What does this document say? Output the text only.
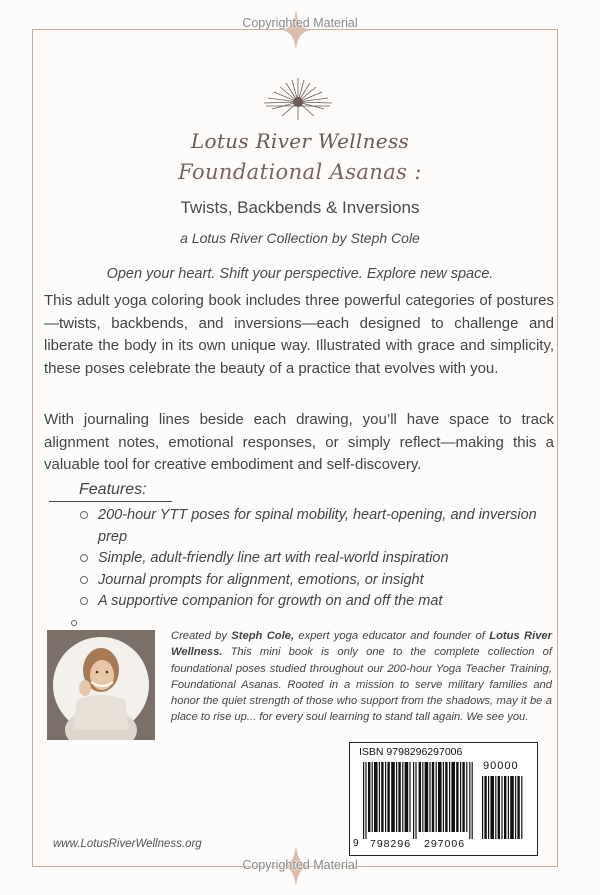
Copyrighted Material
Lotus River Wellness
Foundational Asanas :
Twists, Backbends & Inversions
a Lotus River Collection by Steph Cole
Open your heart. Shift your perspective. Explore new space.
This adult yoga coloring book includes three powerful categories of postures—twists, backbends, and inversions—each designed to challenge and liberate the body in its own unique way. Illustrated with grace and simplicity, these poses celebrate the beauty of a practice that evolves with you.
With journaling lines beside each drawing, you’ll have space to track alignment notes, emotional responses, or simply reflect—making this a valuable tool for creative embodiment and self-discovery.
Features:
200-hour YTT poses for spinal mobility, heart-opening, and inversion prep
Simple, adult-friendly line art with real-world inspiration
Journal prompts for alignment, emotions, or insight
A supportive companion for growth on and off the mat
Created by Steph Cole, expert yoga educator and founder of Lotus River Wellness. This mini book is only one to the complete collection of foundational poses studied throughout our 200-hour Yoga Teacher Training, Foundational Asanas. Rooted in a mission to serve military families and honor the quiet strength of those who support from the shadows, may it be a place to rise up... for every soul learning to stand tall again. We see you.
www.LotusRiverWellness.org
ISBN 9798296297006
90000
9 798296 297006
Copyrighted Material
